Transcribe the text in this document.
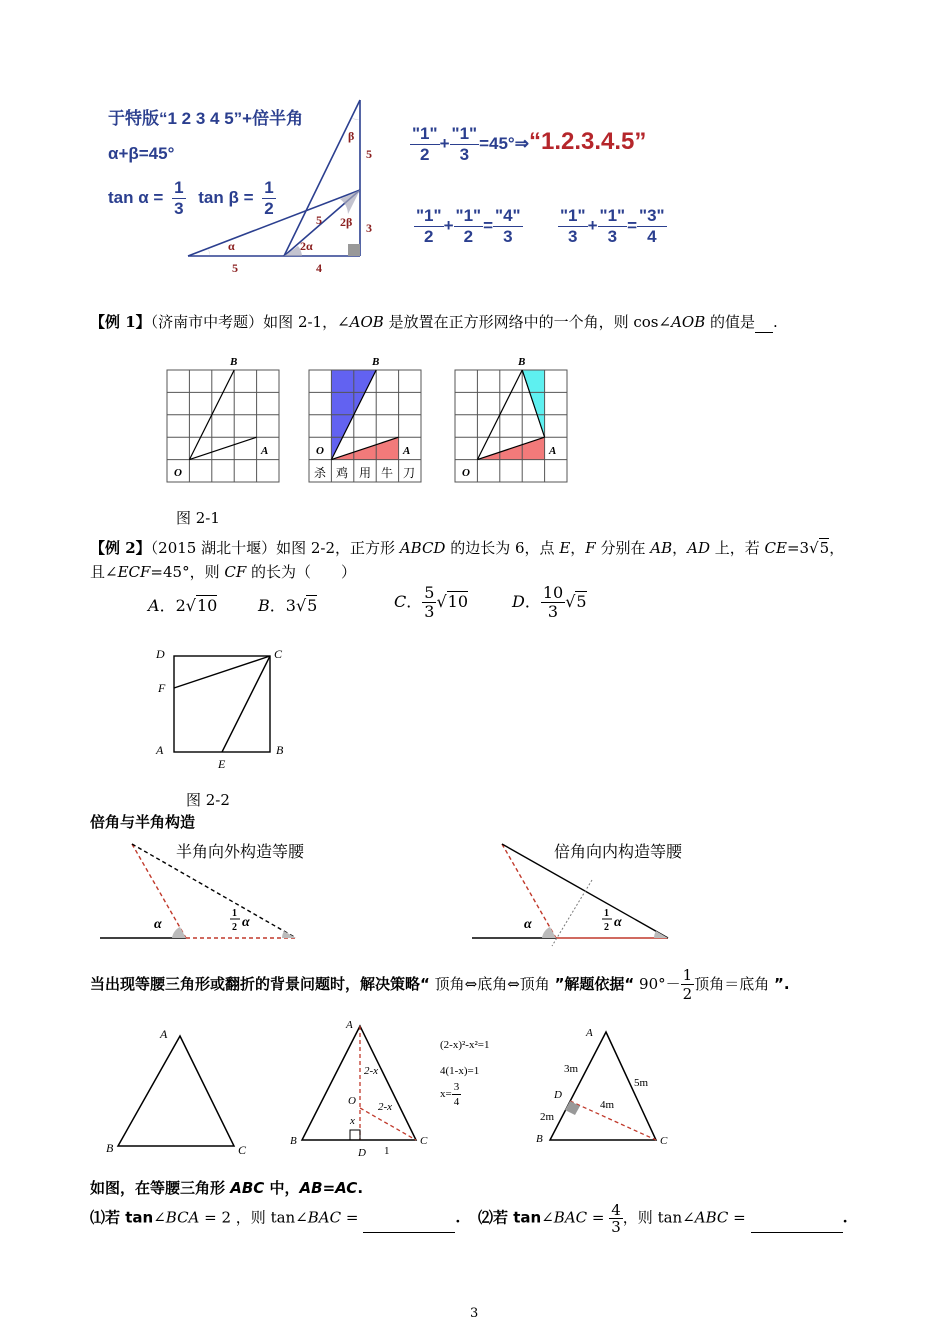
于特版“1 2 3 4 5”+倍半角
α+β=45°
$\tan \alpha = \frac{1}{3}$ $\tan \beta = \frac{1}{2}$
β
5
3
5 2β
α	2α
5	4
$\frac{"1"}{2} + \frac{"1"}{3}$ =45°⇒“1.2.3.4.5”
$\frac{"1"}{2} + \frac{"1"}{2} = \frac{"4"}{3} \frac{"1"}{3} + \frac{"1"}{3} = \frac{"3"}{4}$
【例 1】（济南市中考题）如图 2-1，∠AOB 是放置在正方形网络中的一个角，则 cos∠AOB 的值是 .
B
A
O
B
A
O
杀 鸡 用 牛 刀
B
A
O
图 2-1
【例 2】（2015 湖北十堰）如图 2-2，正方形 ABCD 的边长为 6，点 E，F 分别在 AB，AD 上，若 CE=3√5，
且∠ECF=45°，则 CF 的长为（　　）
A．2√10	B．3√5	C． $\frac{5}{3} √10$	D． $\frac{10}{3} √5$
D	C
F
A	B
E
图 2-2
倍角与半角构造
半角向外构造等腰
α
1
2 α
倍角向内构造等腰
α
1
2 α
当出现等腰三角形或翻折的背景问题时，解决策略“ 顶角⇔底角⇔顶角 ”解题依据“ $90^\circ- \frac{1}{2}$ 顶角＝底角 ”.
A
B	C
A
B	C
O
D
x
1
2-x
2-x
(2-x)²-x²=1
4(1-x)=1
$x= \frac{3}{4}$
A
B	C
D
3m
5m
4m
2m
如图，在等腰三角形 ABC 中，AB=AC.
⑴若 tan∠BCA = 2 ，则 tan∠BAC =	. ⑵若 tan∠BAC = $\frac{4}{3}$ ，则 tan∠ABC =	.
3
